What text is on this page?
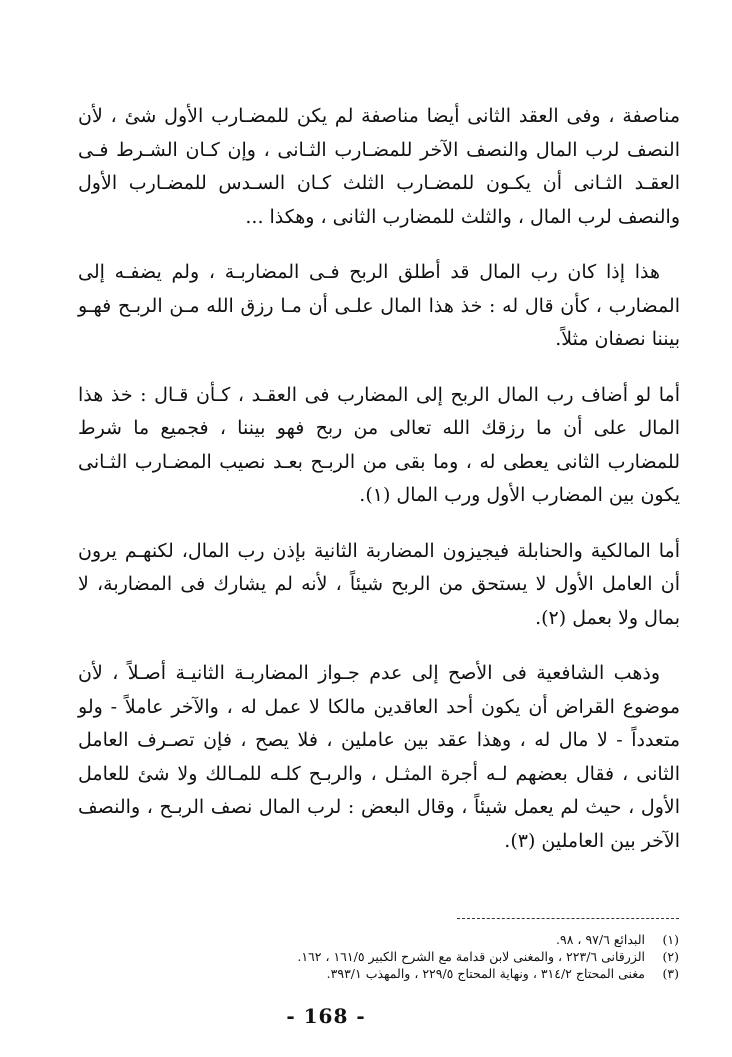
مناصفة ، وفى العقد الثانى أيضا مناصفة لم يكن للمضـارب الأول شئ ، لأن النصف لرب المال والنصف الآخر للمضـارب الثـانى ، وإن كـان الشـرط فـى العقـد الثـانى أن يكـون للمضـارب الثلث كـان السـدس للمضـارب الأول والنصف لرب المال ، والثلث للمضارب الثانى ، وهكذا ...

هذا إذا كان رب المال قد أطلق الربح فـى المضاربـة ، ولم يضفـه إلى المضارب ، كأن قال له : خذ هذا المال علـى أن مـا رزق الله مـن الربـح فهـو بيننا نصفان مثلاً.

أما لو أضاف رب المال الربح إلى المضارب فى العقـد ، كـأن قـال : خذ هذا المال على أن ما رزقك الله تعالى من ربح فهو بيننا ، فجميع ما شرط للمضارب الثانى يعطى له ، وما بقى من الربـح بعـد نصيب المضـارب الثـانى يكون بين المضارب الأول ورب المال (١).

أما المالكية والحنابلة فيجيزون المضاربة الثانية بإذن رب المال، لكنهـم يرون أن العامل الأول لا يستحق من الربح شيئاً ، لأنه لم يشارك فى المضاربة، لا بمال ولا بعمل (٢).

وذهب الشافعية فى الأصح إلى عدم جـواز المضاربـة الثانيـة أصـلاً ، لأن موضوع القراض أن يكون أحد العاقدين مالكا لا عمل له ، والآخر عاملاً - ولو متعدداً - لا مال له ، وهذا عقد بين عاملين ، فلا يصح ، فإن تصـرف العامل الثانى ، فقال بعضهم لـه أجرة المثـل ، والربـح كلـه للمـالك ولا شئ للعامل الأول ، حيث لم يعمل شيئاً ، وقال البعض : لرب المال نصف الربـح ، والنصف الآخر بين العاملين (٣).

(١)
البدائع ٩٧/٦ ، ٩٨.

(٢)
الزرقانى ٢٢٣/٦ ، والمغنى لابن قدامة مع الشرح الكبير ١٦١/٥ ، ١٦٢.

(٣)
مغنى المحتاج ٣١٤/٢ ، ونهاية المحتاج ٢٢٩/٥ ، والمهذب ٣٩٣/١.

- 168 -
